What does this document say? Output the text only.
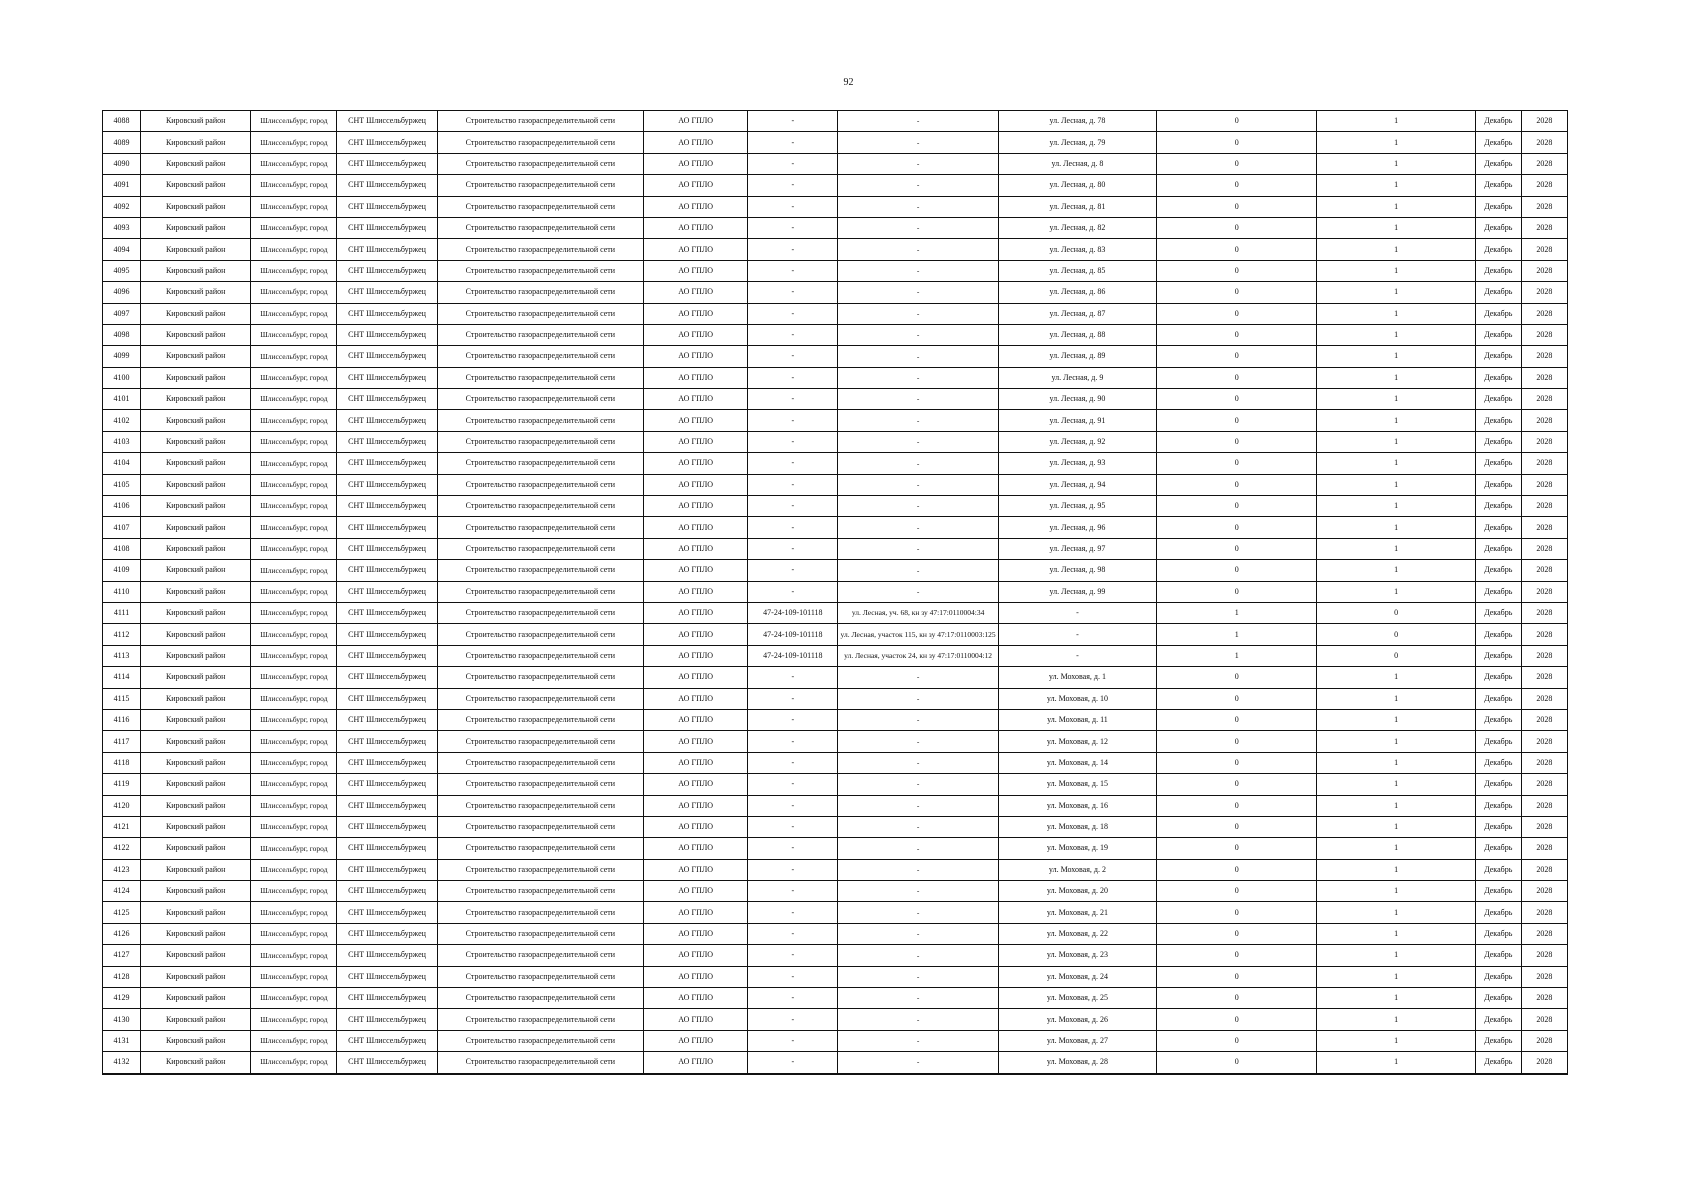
92
4088	Кировский район	Шлиссельбург, город	СНТ Шлиссельбуржец	Строительство газораспределительной сети	АО ГПЛО	-	-	ул. Лесная, д. 78	0	1	Декабрь	2028
4089	Кировский район	Шлиссельбург, город	СНТ Шлиссельбуржец	Строительство газораспределительной сети	АО ГПЛО	-	-	ул. Лесная, д. 79	0	1	Декабрь	2028
4090	Кировский район	Шлиссельбург, город	СНТ Шлиссельбуржец	Строительство газораспределительной сети	АО ГПЛО	-	-	ул. Лесная, д. 8	0	1	Декабрь	2028
4091	Кировский район	Шлиссельбург, город	СНТ Шлиссельбуржец	Строительство газораспределительной сети	АО ГПЛО	-	-	ул. Лесная, д. 80	0	1	Декабрь	2028
4092	Кировский район	Шлиссельбург, город	СНТ Шлиссельбуржец	Строительство газораспределительной сети	АО ГПЛО	-	-	ул. Лесная, д. 81	0	1	Декабрь	2028
4093	Кировский район	Шлиссельбург, город	СНТ Шлиссельбуржец	Строительство газораспределительной сети	АО ГПЛО	-	-	ул. Лесная, д. 82	0	1	Декабрь	2028
4094	Кировский район	Шлиссельбург, город	СНТ Шлиссельбуржец	Строительство газораспределительной сети	АО ГПЛО	-	-	ул. Лесная, д. 83	0	1	Декабрь	2028
4095	Кировский район	Шлиссельбург, город	СНТ Шлиссельбуржец	Строительство газораспределительной сети	АО ГПЛО	-	-	ул. Лесная, д. 85	0	1	Декабрь	2028
4096	Кировский район	Шлиссельбург, город	СНТ Шлиссельбуржец	Строительство газораспределительной сети	АО ГПЛО	-	-	ул. Лесная, д. 86	0	1	Декабрь	2028
4097	Кировский район	Шлиссельбург, город	СНТ Шлиссельбуржец	Строительство газораспределительной сети	АО ГПЛО	-	-	ул. Лесная, д. 87	0	1	Декабрь	2028
4098	Кировский район	Шлиссельбург, город	СНТ Шлиссельбуржец	Строительство газораспределительной сети	АО ГПЛО	-	-	ул. Лесная, д. 88	0	1	Декабрь	2028
4099	Кировский район	Шлиссельбург, город	СНТ Шлиссельбуржец	Строительство газораспределительной сети	АО ГПЛО	-	-	ул. Лесная, д. 89	0	1	Декабрь	2028
4100	Кировский район	Шлиссельбург, город	СНТ Шлиссельбуржец	Строительство газораспределительной сети	АО ГПЛО	-	-	ул. Лесная, д. 9	0	1	Декабрь	2028
4101	Кировский район	Шлиссельбург, город	СНТ Шлиссельбуржец	Строительство газораспределительной сети	АО ГПЛО	-	-	ул. Лесная, д. 90	0	1	Декабрь	2028
4102	Кировский район	Шлиссельбург, город	СНТ Шлиссельбуржец	Строительство газораспределительной сети	АО ГПЛО	-	-	ул. Лесная, д. 91	0	1	Декабрь	2028
4103	Кировский район	Шлиссельбург, город	СНТ Шлиссельбуржец	Строительство газораспределительной сети	АО ГПЛО	-	-	ул. Лесная, д. 92	0	1	Декабрь	2028
4104	Кировский район	Шлиссельбург, город	СНТ Шлиссельбуржец	Строительство газораспределительной сети	АО ГПЛО	-	-	ул. Лесная, д. 93	0	1	Декабрь	2028
4105	Кировский район	Шлиссельбург, город	СНТ Шлиссельбуржец	Строительство газораспределительной сети	АО ГПЛО	-	-	ул. Лесная, д. 94	0	1	Декабрь	2028
4106	Кировский район	Шлиссельбург, город	СНТ Шлиссельбуржец	Строительство газораспределительной сети	АО ГПЛО	-	-	ул. Лесная, д. 95	0	1	Декабрь	2028
4107	Кировский район	Шлиссельбург, город	СНТ Шлиссельбуржец	Строительство газораспределительной сети	АО ГПЛО	-	-	ул. Лесная, д. 96	0	1	Декабрь	2028
4108	Кировский район	Шлиссельбург, город	СНТ Шлиссельбуржец	Строительство газораспределительной сети	АО ГПЛО	-	-	ул. Лесная, д. 97	0	1	Декабрь	2028
4109	Кировский район	Шлиссельбург, город	СНТ Шлиссельбуржец	Строительство газораспределительной сети	АО ГПЛО	-	-	ул. Лесная, д. 98	0	1	Декабрь	2028
4110	Кировский район	Шлиссельбург, город	СНТ Шлиссельбуржец	Строительство газораспределительной сети	АО ГПЛО	-	-	ул. Лесная, д. 99	0	1	Декабрь	2028
4111	Кировский район	Шлиссельбург, город	СНТ Шлиссельбуржец	Строительство газораспределительной сети	АО ГПЛО	47-24-109-101118	ул. Лесная, уч. 68, кн зу 47:17:0110004:34	-	1	0	Декабрь	2028
4112	Кировский район	Шлиссельбург, город	СНТ Шлиссельбуржец	Строительство газораспределительной сети	АО ГПЛО	47-24-109-101118	ул. Лесная, участок 115, кн зу 47:17:0110003:125	-	1	0	Декабрь	2028
4113	Кировский район	Шлиссельбург, город	СНТ Шлиссельбуржец	Строительство газораспределительной сети	АО ГПЛО	47-24-109-101118	ул. Лесная, участок 24, кн зу 47:17:0110004:12	-	1	0	Декабрь	2028
4114	Кировский район	Шлиссельбург, город	СНТ Шлиссельбуржец	Строительство газораспределительной сети	АО ГПЛО	-	-	ул. Моховая, д. 1	0	1	Декабрь	2028
4115	Кировский район	Шлиссельбург, город	СНТ Шлиссельбуржец	Строительство газораспределительной сети	АО ГПЛО	-	-	ул. Моховая, д. 10	0	1	Декабрь	2028
4116	Кировский район	Шлиссельбург, город	СНТ Шлиссельбуржец	Строительство газораспределительной сети	АО ГПЛО	-	-	ул. Моховая, д. 11	0	1	Декабрь	2028
4117	Кировский район	Шлиссельбург, город	СНТ Шлиссельбуржец	Строительство газораспределительной сети	АО ГПЛО	-	-	ул. Моховая, д. 12	0	1	Декабрь	2028
4118	Кировский район	Шлиссельбург, город	СНТ Шлиссельбуржец	Строительство газораспределительной сети	АО ГПЛО	-	-	ул. Моховая, д. 14	0	1	Декабрь	2028
4119	Кировский район	Шлиссельбург, город	СНТ Шлиссельбуржец	Строительство газораспределительной сети	АО ГПЛО	-	-	ул. Моховая, д. 15	0	1	Декабрь	2028
4120	Кировский район	Шлиссельбург, город	СНТ Шлиссельбуржец	Строительство газораспределительной сети	АО ГПЛО	-	-	ул. Моховая, д. 16	0	1	Декабрь	2028
4121	Кировский район	Шлиссельбург, город	СНТ Шлиссельбуржец	Строительство газораспределительной сети	АО ГПЛО	-	-	ул. Моховая, д. 18	0	1	Декабрь	2028
4122	Кировский район	Шлиссельбург, город	СНТ Шлиссельбуржец	Строительство газораспределительной сети	АО ГПЛО	-	-	ул. Моховая, д. 19	0	1	Декабрь	2028
4123	Кировский район	Шлиссельбург, город	СНТ Шлиссельбуржец	Строительство газораспределительной сети	АО ГПЛО	-	-	ул. Моховая, д. 2	0	1	Декабрь	2028
4124	Кировский район	Шлиссельбург, город	СНТ Шлиссельбуржец	Строительство газораспределительной сети	АО ГПЛО	-	-	ул. Моховая, д. 20	0	1	Декабрь	2028
4125	Кировский район	Шлиссельбург, город	СНТ Шлиссельбуржец	Строительство газораспределительной сети	АО ГПЛО	-	-	ул. Моховая, д. 21	0	1	Декабрь	2028
4126	Кировский район	Шлиссельбург, город	СНТ Шлиссельбуржец	Строительство газораспределительной сети	АО ГПЛО	-	-	ул. Моховая, д. 22	0	1	Декабрь	2028
4127	Кировский район	Шлиссельбург, город	СНТ Шлиссельбуржец	Строительство газораспределительной сети	АО ГПЛО	-	-	ул. Моховая, д. 23	0	1	Декабрь	2028
4128	Кировский район	Шлиссельбург, город	СНТ Шлиссельбуржец	Строительство газораспределительной сети	АО ГПЛО	-	-	ул. Моховая, д. 24	0	1	Декабрь	2028
4129	Кировский район	Шлиссельбург, город	СНТ Шлиссельбуржец	Строительство газораспределительной сети	АО ГПЛО	-	-	ул. Моховая, д. 25	0	1	Декабрь	2028
4130	Кировский район	Шлиссельбург, город	СНТ Шлиссельбуржец	Строительство газораспределительной сети	АО ГПЛО	-	-	ул. Моховая, д. 26	0	1	Декабрь	2028
4131	Кировский район	Шлиссельбург, город	СНТ Шлиссельбуржец	Строительство газораспределительной сети	АО ГПЛО	-	-	ул. Моховая, д. 27	0	1	Декабрь	2028
4132	Кировский район	Шлиссельбург, город	СНТ Шлиссельбуржец	Строительство газораспределительной сети	АО ГПЛО	-	-	ул. Моховая, д. 28	0	1	Декабрь	2028
